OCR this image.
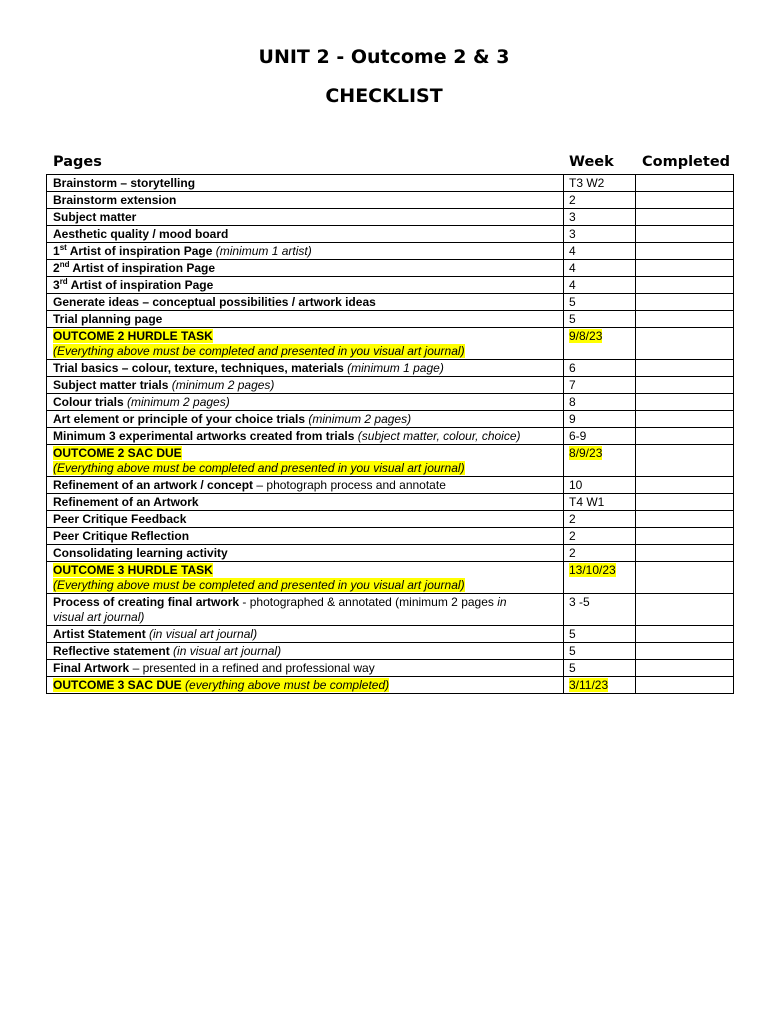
UNIT 2 - Outcome 2 & 3
CHECKLIST
Pages	Week Completed
Brainstorm – storytelling	T3 W2	
Brainstorm extension	2	
Subject matter	3	
Aesthetic quality / mood board	3	
1st Artist of inspiration Page (minimum 1 artist)	4	
2nd Artist of inspiration Page	4	
3rd Artist of inspiration Page	4	
Generate ideas – conceptual possibilities / artwork ideas	5	
Trial planning page	5	
OUTCOME 2 HURDLE TASK
(Everything above must be completed and presented in you visual art journal)	9/8/23	
Trial basics – colour, texture, techniques, materials (minimum 1 page)	6	
Subject matter trials (minimum 2 pages)	7	
Colour trials (minimum 2 pages)	8	
Art element or principle of your choice trials (minimum 2 pages)	9	
Minimum 3 experimental artworks created from trials (subject matter, colour, choice)	6-9	
OUTCOME 2 SAC DUE
(Everything above must be completed and presented in you visual art journal)	8/9/23	
Refinement of an artwork / concept – photograph process and annotate	10	
Refinement of an Artwork	T4 W1	
Peer Critique Feedback	2	
Peer Critique Reflection	2	
Consolidating learning activity	2	
OUTCOME 3 HURDLE TASK
(Everything above must be completed and presented in you visual art journal)	13/10/23	
Process of creating final artwork - photographed & annotated (minimum 2 pages in
visual art journal)	3 -5	
Artist Statement (in visual art journal)	5	
Reflective statement (in visual art journal)	5	
Final Artwork – presented in a refined and professional way	5	
OUTCOME 3 SAC DUE (everything above must be completed)	3/11/23	
